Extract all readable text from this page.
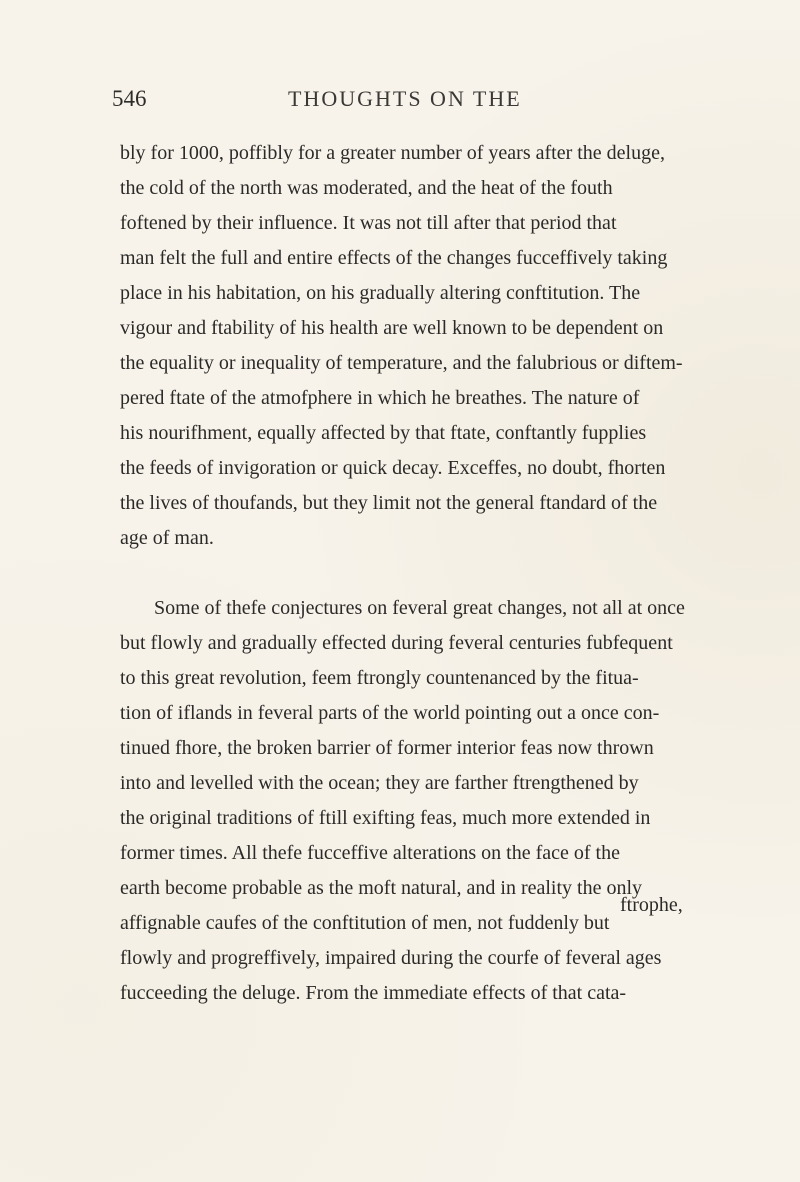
546	THOUGHTS ON THE
bly for 1000, poffibly for a greater number of years after the deluge,
the cold of the north was moderated, and the heat of the fouth
foftened by their influence. It was not till after that period that
man felt the full and entire effects of the changes fucceffively taking
place in his habitation, on his gradually altering conftitution. The
vigour and ftability of his health are well known to be dependent on
the equality or inequality of temperature, and the falubrious or diftem-
pered ftate of the atmofphere in which he breathes. The nature of
his nourifhment, equally affected by that ftate, conftantly fupplies
the feeds of invigoration or quick decay. Exceffes, no doubt, fhorten
the lives of thoufands, but they limit not the general ftandard of the
age of man.
Some of thefe conjectures on feveral great changes, not all at once
but flowly and gradually effected during feveral centuries fubfequent
to this great revolution, feem ftrongly countenanced by the fitua-
tion of iflands in feveral parts of the world pointing out a once con-
tinued fhore, the broken barrier of former interior feas now thrown
into and levelled with the ocean; they are farther ftrengthened by
the original traditions of ftill exifting feas, much more extended in
former times. All thefe fucceffive alterations on the face of the
earth become probable as the moft natural, and in reality the only
affignable caufes of the conftitution of men, not fuddenly but
flowly and progreffively, impaired during the courfe of feveral ages
fucceeding the deluge. From the immediate effects of that cata-
ftrophe,
